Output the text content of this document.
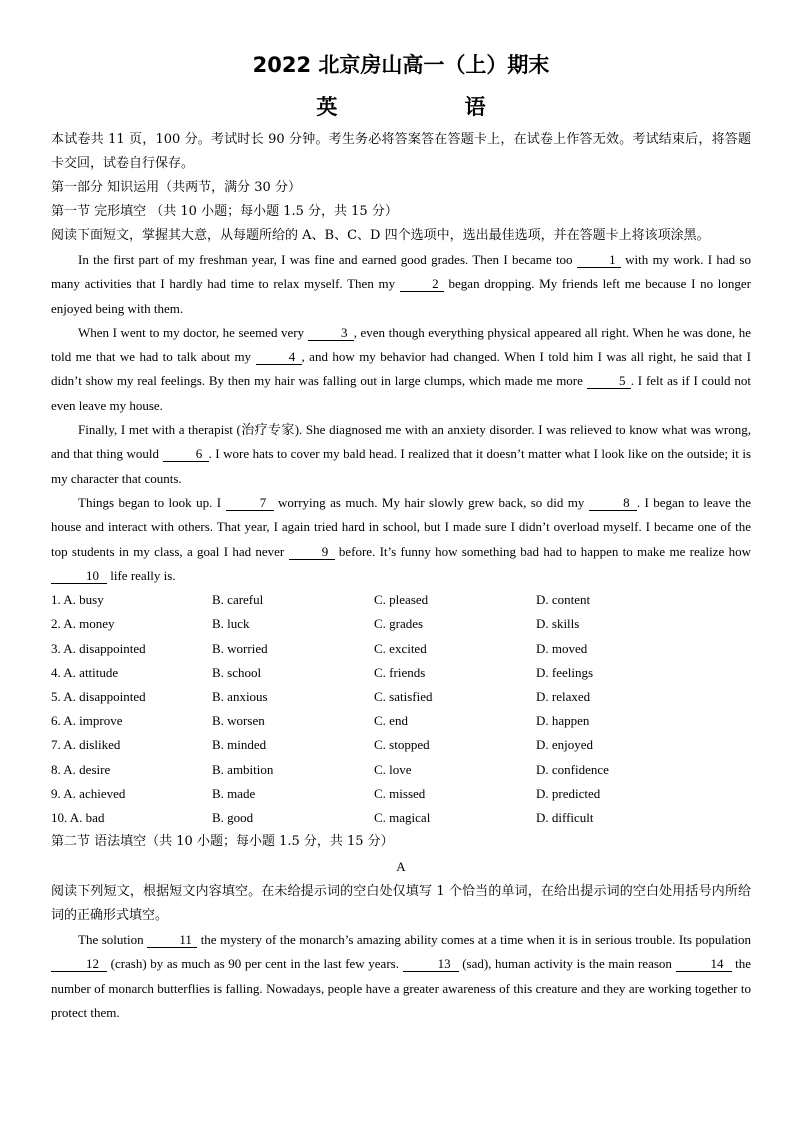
2022 北京房山高一（上）期末
英 语
本试卷共 11 页，100 分。考试时长 90 分钟。考生务必将答案答在答题卡上，在试卷上作答无效。考试结束后，将答题卡交回，试卷自行保存。
第一部分 知识运用（共两节，满分 30 分）
第一节 完形填空 （共 10 小题；每小题 1.5 分，共 15 分）
阅读下面短文，掌握其大意，从每题所给的 A、B、C、D 四个选项中，选出最佳选项，并在答题卡上将该项涂黑。

In the first part of my freshman year, I was fine and earned good grades. Then I became too	1 with my work. I had so many activities that I hardly had time to relax myself. Then my	2 began dropping. My friends left me because I no longer enjoyed being with them.

When I went to my doctor, he seemed very	3 , even though everything physical appeared all right. When he was done, he told me that we had to talk about my	4 , and how my behavior had changed. When I told him I was all right, he said that I didn’t show my real feelings. By then my hair was falling out in large clumps, which made me more	5 . I felt as if I could not even leave my house.

Finally, I met with a therapist (治疗专家). She diagnosed me with an anxiety disorder. I was relieved to know what was wrong, and that thing would	6 . I wore hats to cover my bald head. I realized that it doesn’t matter what I look like on the outside; it is my character that counts.

Things began to look up. I	7 worrying as much. My hair slowly grew back, so did my	8 . I began to leave the house and interact with others. That year, I again tried hard in school, but I made sure I didn’t overload myself. I became one of the top students in my class, a goal I had never	9 before. It’s funny how something bad had to happen to make me realize how 10 life really is.

1. A. busy	B. careful	C. pleased	D. content
2. A. money	B. luck	C. grades	D. skills
3. A. disappointed	B. worried	C. excited	D. moved
4. A. attitude	B. school	C. friends	D. feelings
5. A. disappointed	B. anxious	C. satisfied	D. relaxed
6. A. improve	B. worsen	C. end	D. happen
7. A. disliked	B. minded	C. stopped	D. enjoyed
8. A. desire	B. ambition	C. love	D. confidence
9. A. achieved	B. made	C. missed	D. predicted
10. A. bad	B. good	C. magical	D. difficult
第二节 语法填空（共 10 小题；每小题 1.5 分，共 15 分）
A
阅读下列短文，根据短文内容填空。在未给提示词的空白处仅填写 1 个恰当的单词，在给出提示词的空白处用括号内所给词的正确形式填空。

The solution	11 the mystery of the monarch’s amazing ability comes at a time when it is in serious trouble. Its population 12 (crash) by as much as 90 per cent in the last few years.	13 (sad), human activity is the main reason	14 the number of monarch butterflies is falling. Nowadays, people have a greater awareness of this creature and they are working together to protect them.
